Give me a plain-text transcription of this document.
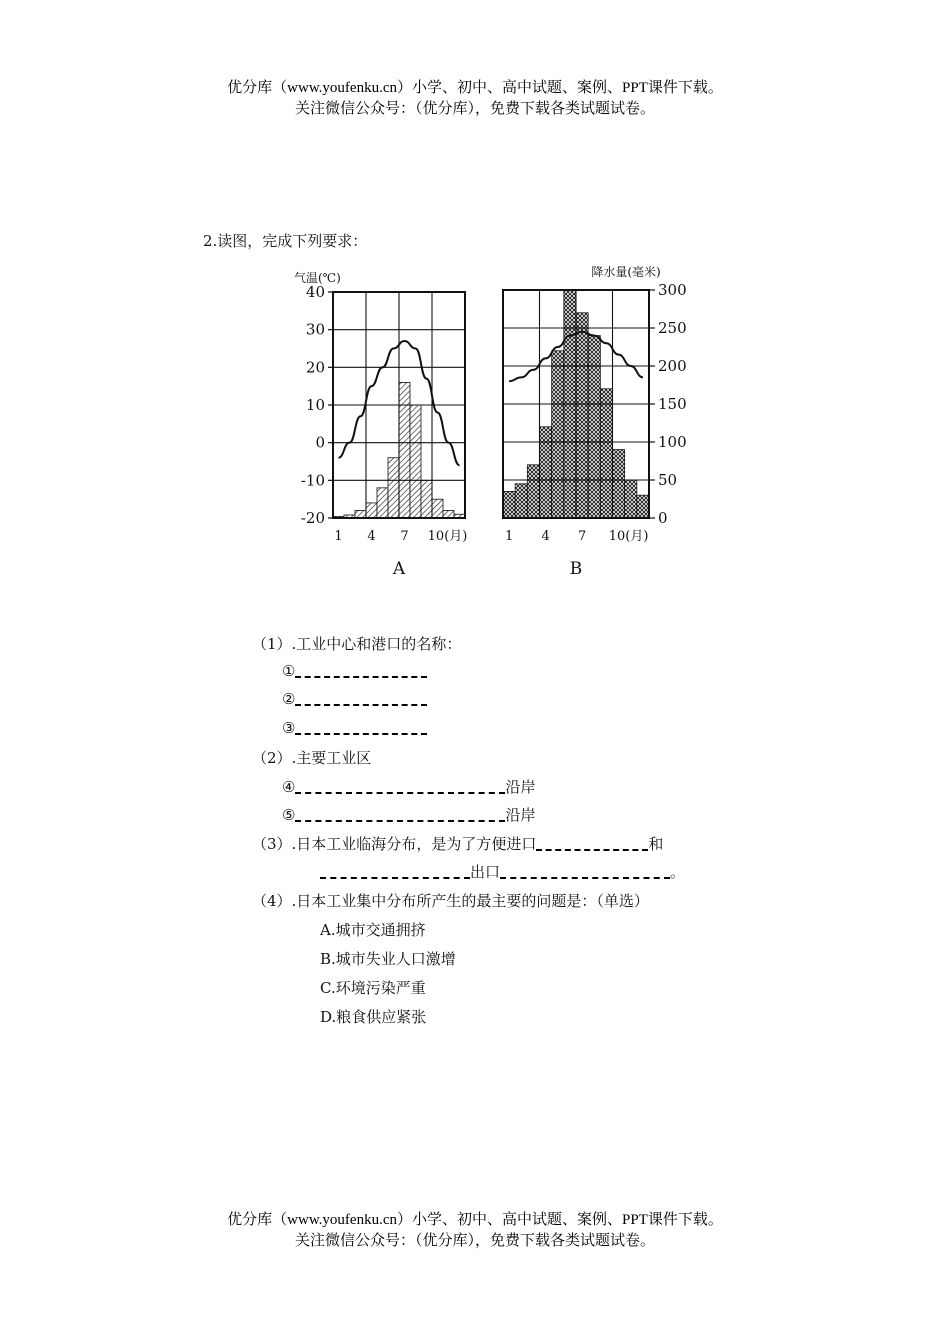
优分库（www.youfenku.cn）小学、初中、高中试题、案例、PPT课件下载。
关注微信公众号：（优分库），免费下载各类试题试卷。
2.读图，完成下列要求：
1 4 7 10(月)
A
40
30
20
10
0
-10
-20
气温(℃)
1 4 7 10(月)
B
300
250
200
150
100
50
0
降水量(毫米)
（1）.工业中心和港口的名称：
①
②
③
（2）.主要工业区
④	沿岸
⑤	沿岸
（3）.日本工业临海分布，是为了方便进口	和
出口	。
（4）.日本工业集中分布所产生的最主要的问题是：（单选）
A.城市交通拥挤
B.城市失业人口激增
C.环境污染严重
D.粮食供应紧张
优分库（www.youfenku.cn）小学、初中、高中试题、案例、PPT课件下载。
关注微信公众号：（优分库），免费下载各类试题试卷。
